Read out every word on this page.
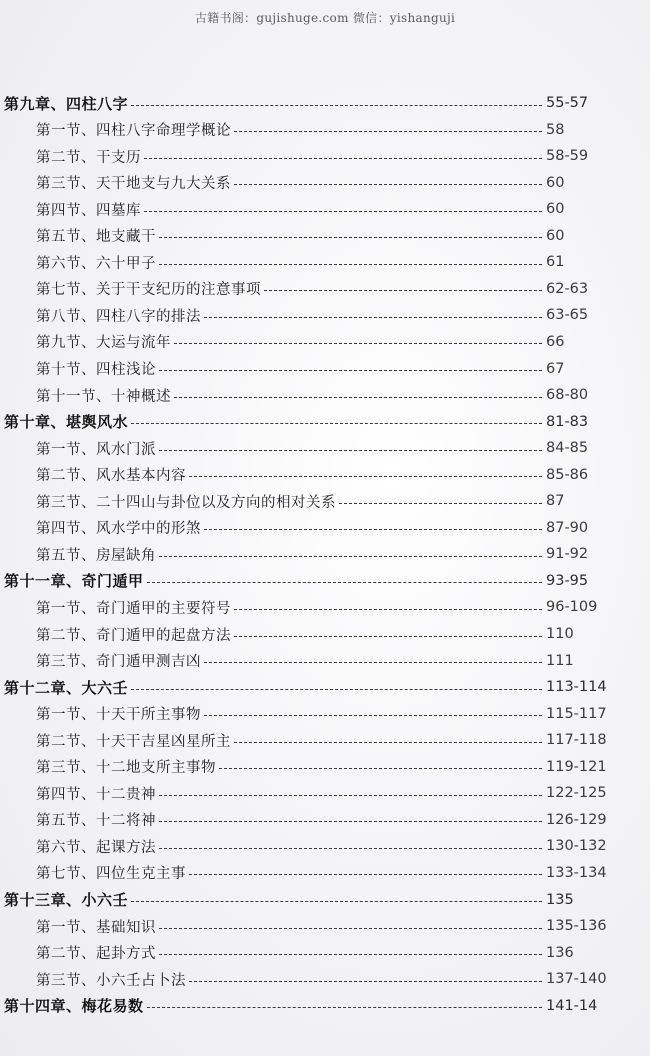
古籍书阁：gujishuge.com 微信：yishanguji
第九章、四柱八字	55-57
第一节、四柱八字命理学概论	58
第二节、干支历	58-59
第三节、天干地支与九大关系	60
第四节、四墓库	60
第五节、地支藏干	60
第六节、六十甲子	61
第七节、关于干支纪历的注意事项	62-63
第八节、四柱八字的排法	63-65
第九节、大运与流年	66
第十节、四柱浅论	67
第十一节、十神概述	68-80
第十章、堪舆风水	81-83
第一节、风水门派	84-85
第二节、风水基本内容	85-86
第三节、二十四山与卦位以及方向的相对关系	87
第四节、风水学中的形煞	87-90
第五节、房屋缺角	91-92
第十一章、奇门遁甲	93-95
第一节、奇门遁甲的主要符号	96-109
第二节、奇门遁甲的起盘方法	110
第三节、奇门遁甲测吉凶	111
第十二章、大六壬	113-114
第一节、十天干所主事物	115-117
第二节、十天干吉星凶星所主	117-118
第三节、十二地支所主事物	119-121
第四节、十二贵神	122-125
第五节、十二将神	126-129
第六节、起课方法	130-132
第七节、四位生克主事	133-134
第十三章、小六壬	135
第一节、基础知识	135-136
第二节、起卦方式	136
第三节、小六壬占卜法	137-140
第十四章、梅花易数	141-14
